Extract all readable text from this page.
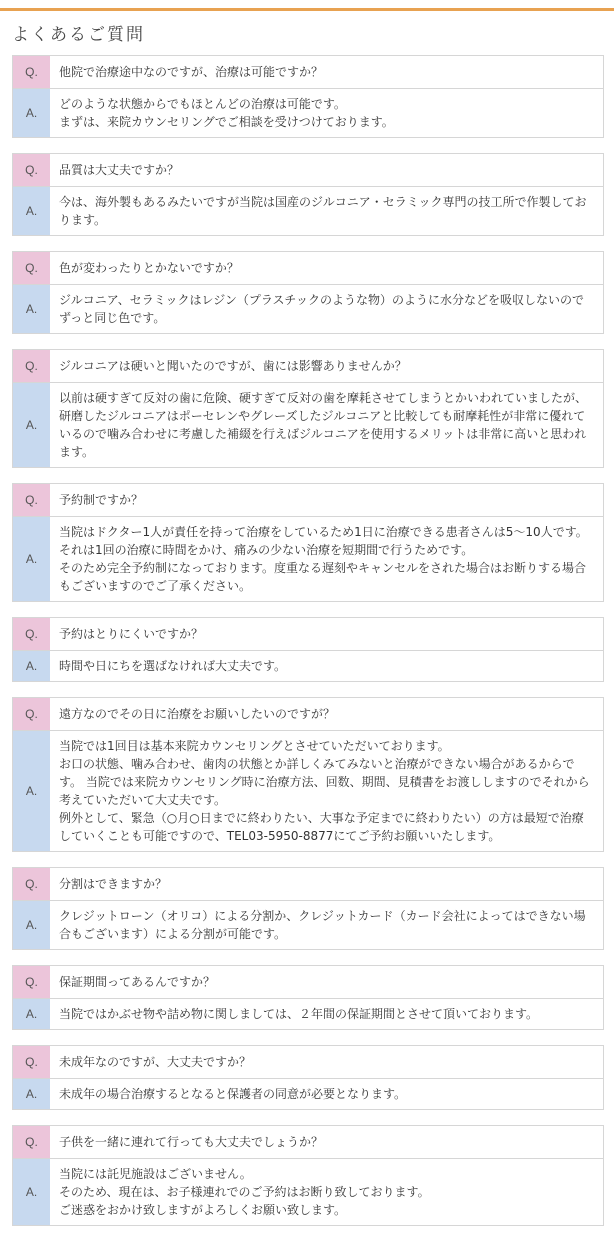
よくあるご質問
Q.	他院で治療途中なのですが、治療は可能ですか？
A.
どのような状態からでもほとんどの治療は可能です。
まずは、来院カウンセリングでご相談を受けつけております。
Q.	品質は大丈夫ですか？
A.
今は、海外製もあるみたいですが当院は国産のジルコニア・セラミック専門の技工所で作製しております。
Q.	色が変わったりとかないですか？
A.
ジルコニア、セラミックはレジン（プラスチックのような物）のように水分などを吸収しないのでずっと同じ色です。
Q.	ジルコニアは硬いと聞いたのですが、歯には影響ありませんか？
A.
以前は硬すぎて反対の歯に危険、硬すぎて反対の歯を摩耗させてしまうとかいわれていましたが、研磨したジルコニアはポーセレンやグレーズしたジルコニアと比較しても耐摩耗性が非常に優れているので噛み合わせに考慮した補綴を行えばジルコニアを使用するメリットは非常に高いと思われます。
Q.	予約制ですか？
A.
当院はドクター1人が責任を持って治療をしているため1日に治療できる患者さんは5〜10人です。それは1回の治療に時間をかけ、痛みの少ない治療を短期間で行うためです。
そのため完全予約制になっております。度重なる遅刻やキャンセルをされた場合はお断りする場合もございますのでご了承ください。
Q.	予約はとりにくいですか？
A.	時間や日にちを選ばなければ大丈夫です。
Q.	遠方なのでその日に治療をお願いしたいのですが？
A.
当院では1回目は基本来院カウンセリングとさせていただいております。
お口の状態、噛み合わせ、歯肉の状態とか詳しくみてみないと治療ができない場合があるからです。 当院では来院カウンセリング時に治療方法、回数、期間、見積書をお渡ししますのでそれから考えていただいて大丈夫です。
例外として、緊急（○月○日までに終わりたい、大事な予定までに終わりたい）の方は最短で治療していくことも可能ですので、TEL03-5950-8877にてご予約お願いいたします。
Q.	分割はできますか？
A.
クレジットローン（オリコ）による分割か、クレジットカード（カード会社によってはできない場合もございます）による分割が可能です。
Q.	保証期間ってあるんですか？
A.	当院ではかぶせ物や詰め物に関しましては、２年間の保証期間とさせて頂いております。
Q.	未成年なのですが、大丈夫ですか？
A.	未成年の場合治療するとなると保護者の同意が必要となります。
Q.	子供を一緒に連れて行っても大丈夫でしょうか？
A.
当院には託児施設はございません。
そのため、現在は、お子様連れでのご予約はお断り致しております。
ご迷惑をおかけ致しますがよろしくお願い致します。
